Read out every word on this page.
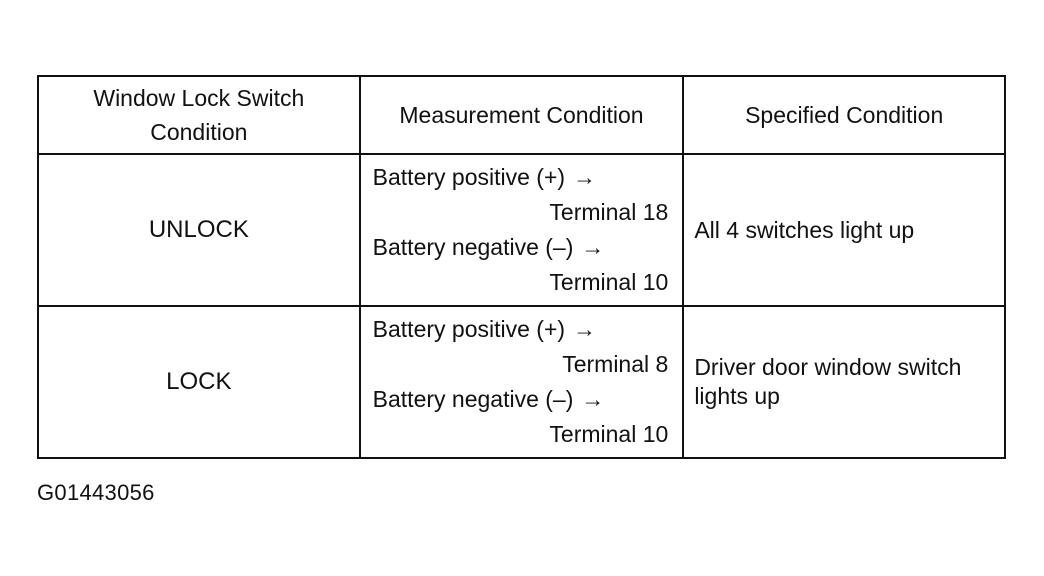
Window Lock Switch
Condition	Measurement Condition	Specified Condition

UNLOCK	Battery positive (+) →
Terminal 18
Battery negative (–) →
Terminal 10	All 4 switches light up
LOCK	Battery positive (+) →
Terminal 8
Battery negative (–) →
Terminal 10	Driver door window switch lights up
G01443056
